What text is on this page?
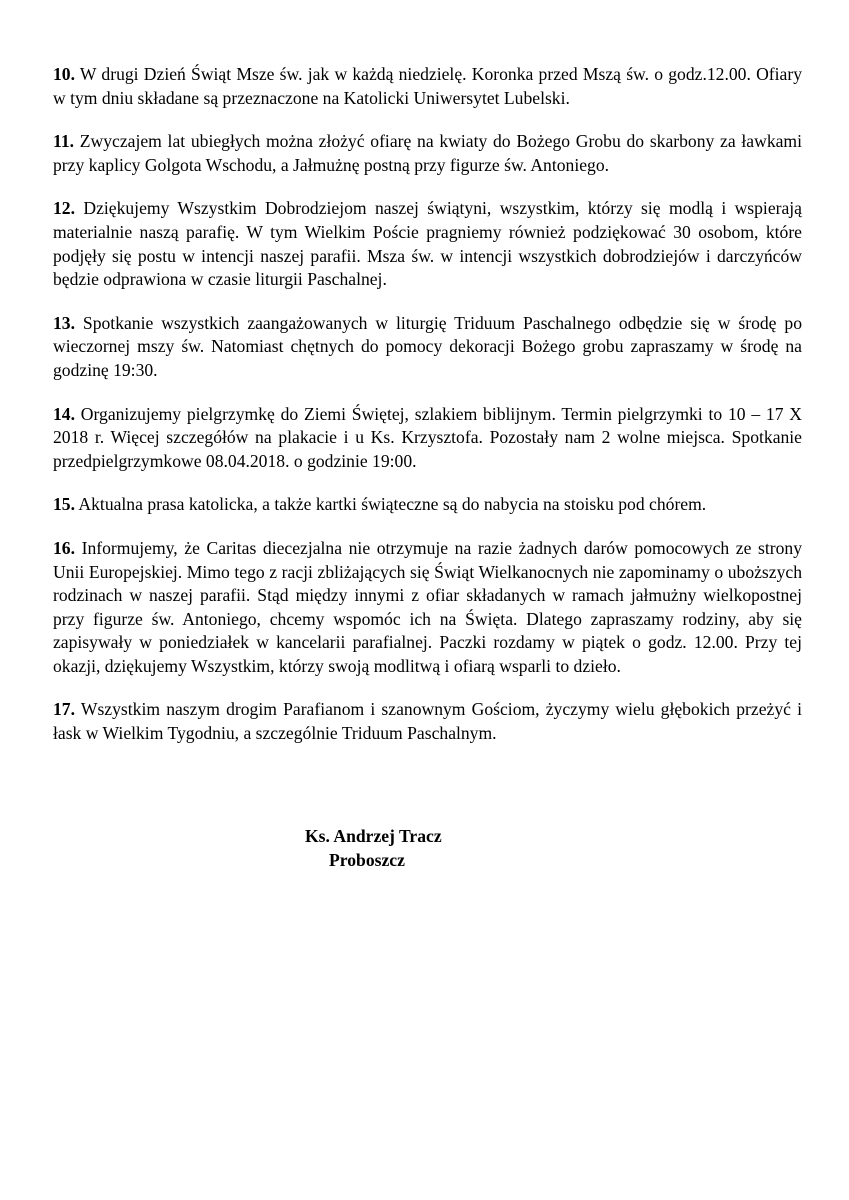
10. W drugi Dzień Świąt Msze św. jak w każdą niedzielę. Koronka przed Mszą św. o godz.12.00. Ofiary w tym dniu składane są przeznaczone na Katolicki Uniwersytet Lubelski.
11. Zwyczajem lat ubiegłych można złożyć ofiarę na kwiaty do Bożego Grobu do skarbony za ławkami przy kaplicy Golgota Wschodu, a Jałmużnę postną przy figurze św. Antoniego.
12. Dziękujemy Wszystkim Dobrodziejom naszej świątyni, wszystkim, którzy się modlą i wspierają materialnie naszą parafię. W tym Wielkim Poście pragniemy również podziękować 30 osobom, które podjęły się postu w intencji naszej parafii. Msza św. w intencji wszystkich dobrodziejów i darczyńców będzie odprawiona w czasie liturgii Paschalnej.
13. Spotkanie wszystkich zaangażowanych w liturgię Triduum Paschalnego odbędzie się w środę po wieczornej mszy św. Natomiast chętnych do pomocy dekoracji Bożego grobu zapraszamy w środę na godzinę 19:30.
14. Organizujemy pielgrzymkę do Ziemi Świętej, szlakiem biblijnym. Termin pielgrzymki to 10 – 17 X 2018 r. Więcej szczegółów na plakacie i u Ks. Krzysztofa. Pozostały nam 2 wolne miejsca. Spotkanie przedpielgrzymkowe 08.04.2018. o godzinie 19:00.
15. Aktualna prasa katolicka, a także kartki świąteczne są do nabycia na stoisku pod chórem.
16. Informujemy, że Caritas diecezjalna nie otrzymuje na razie żadnych darów pomocowych ze strony Unii Europejskiej. Mimo tego z racji zbliżających się Świąt Wielkanocnych nie zapominamy o uboższych rodzinach w naszej parafii. Stąd między innymi z ofiar składanych w ramach jałmużny wielkopostnej przy figurze św. Antoniego, chcemy wspomóc ich na Święta. Dlatego zapraszamy rodziny, aby się zapisywały w poniedziałek w kancelarii parafialnej. Paczki rozdamy w piątek o godz. 12.00. Przy tej okazji, dziękujemy Wszystkim, którzy swoją modlitwą i ofiarą wsparli to dzieło.
17. Wszystkim naszym drogim Parafianom i szanownym Gościom, życzymy wielu głębokich przeżyć i łask w Wielkim Tygodniu, a szczególnie Triduum Paschalnym.
Ks. Andrzej Tracz
Proboszcz
